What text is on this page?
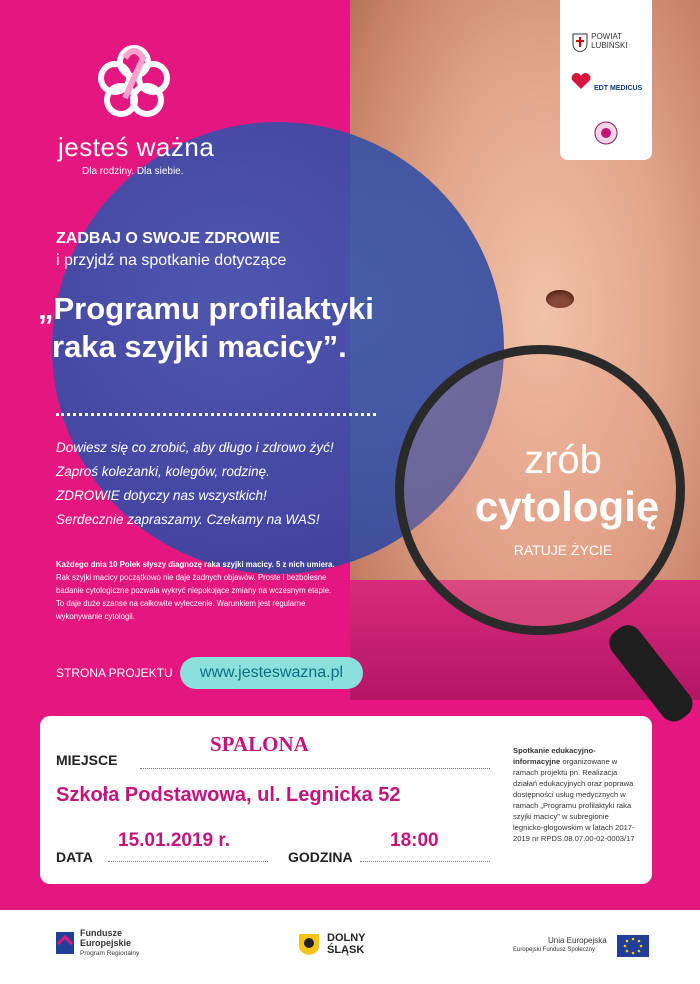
POWIAT LUBIŃSKI
EDT MEDICUS
jesteś ważna
Dla rodziny. Dla siebie.
ZADBAJ O SWOJE ZDROWIE
i przyjdź na spotkanie dotyczące
„Programu profilaktyki
raka szyjki macicy”.
Dowiesz się co zrobić, aby długo i zdrowo żyć!
Zaproś koleżanki, kolegów, rodzinę.
ZDROWIE dotyczy nas wszystkich!
Serdecznie zapraszamy. Czekamy na WAS!
Każdego dnia 10 Polek słyszy diagnozę raka szyjki macicy. 5 z nich umiera.
Rak szyjki macicy początkowo nie daje żadnych objawów. Proste i bezbolesne
badanie cytologiczne pozwala wykryć niepokojące zmiany na wczesnym etapie.
To daje duże szanse na całkowite wyleczenie. Warunkiem jest regularne
wykonywanie cytologii.
zrób
cytologię
RATUJE ŻYCIE
STRONA PROJEKTU	www.jesteswazna.pl
MIEJSCE
SPALONA
Szkoła Podstawowa, ul. Legnicka 52
DATA
15.01.2019 r.
GODZINA
18:00
Spotkanie edukacyjno-informacyjne organizowane w ramach projektu pn. Realizacja działań edukacyjnych oraz poprawa dostępności usług medycznych w ramach „Programu profilaktyki raka szyjki macicy” w subregionie legnicko-głogowskim w latach 2017-2019 nr RPDS.08.07.00-02-0003/17
Fundusze
Europejskie
Program Regionalny
DOLNY
ŚLĄSK
Unia Europejska
Europejski Fundusz Społeczny
